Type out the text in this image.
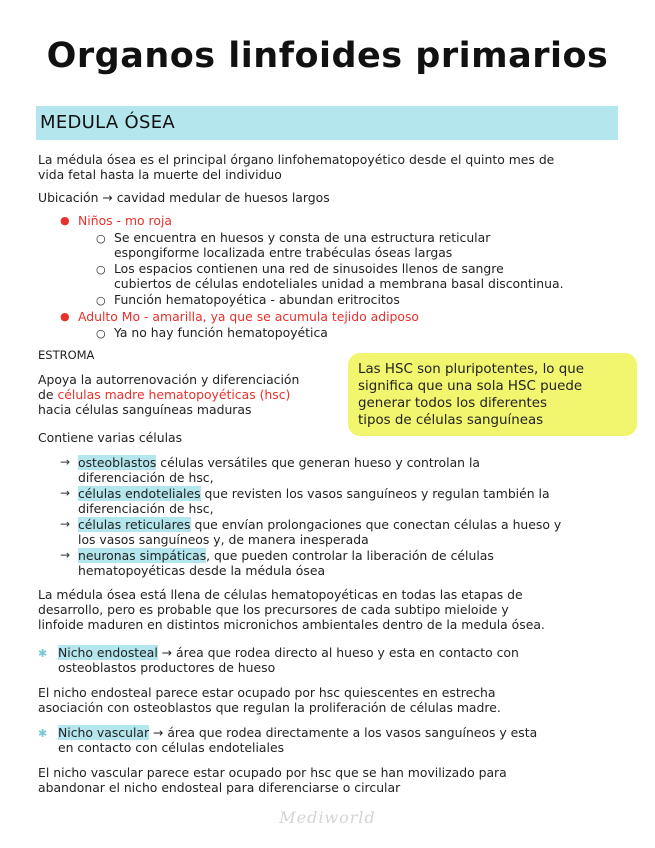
Organos linfoides primarios
MEDULA ÓSEA
La médula ósea es el principal órgano linfohematopoyético desde el quinto mes de
vida fetal hasta la muerte del individuo
Ubicación → cavidad medular de huesos largos
● Niños - mo roja
○ Se encuentra en huesos y consta de una estructura reticular
espongiforme localizada entre trabéculas óseas largas
○ Los espacios contienen una red de sinusoides llenos de sangre
cubiertos de células endoteliales unidad a membrana basal discontinua.
○ Función hematopoyética - abundan eritrocitos
● Adulto Mo - amarilla, ya que se acumula tejido adiposo
○ Ya no hay función hematopoyética
ESTROMA
Apoya la autorrenovación y diferenciación
de células madre hematopoyéticas (hsc)
hacia células sanguíneas maduras
Las HSC son pluripotentes, lo que
significa que una sola HSC puede
generar todos los diferentes
tipos de células sanguíneas
Contiene varias células
→ osteoblastos células versátiles que generan hueso y controlan la
diferenciación de hsc,
→ células endoteliales que revisten los vasos sanguíneos y regulan también la
diferenciación de hsc,
→ células reticulares que envían prolongaciones que conectan células a hueso y
los vasos sanguíneos y, de manera inesperada
→ neuronas simpáticas, que pueden controlar la liberación de células
hematopoyéticas desde la médula ósea
La médula ósea está llena de células hematopoyéticas en todas las etapas de
desarrollo, pero es probable que los precursores de cada subtipo mieloide y
linfoide maduren en distintos micronichos ambientales dentro de la medula ósea.
✱ Nicho endosteal → área que rodea directo al hueso y esta en contacto con
osteoblastos productores de hueso
El nicho endosteal parece estar ocupado por hsc quiescentes en estrecha
asociación con osteoblastos que regulan la proliferación de células madre.
✱ Nicho vascular → área que rodea directamente a los vasos sanguíneos y esta
en contacto con células endoteliales
El nicho vascular parece estar ocupado por hsc que se han movilizado para
abandonar el nicho endosteal para diferenciarse o circular
Mediworld
